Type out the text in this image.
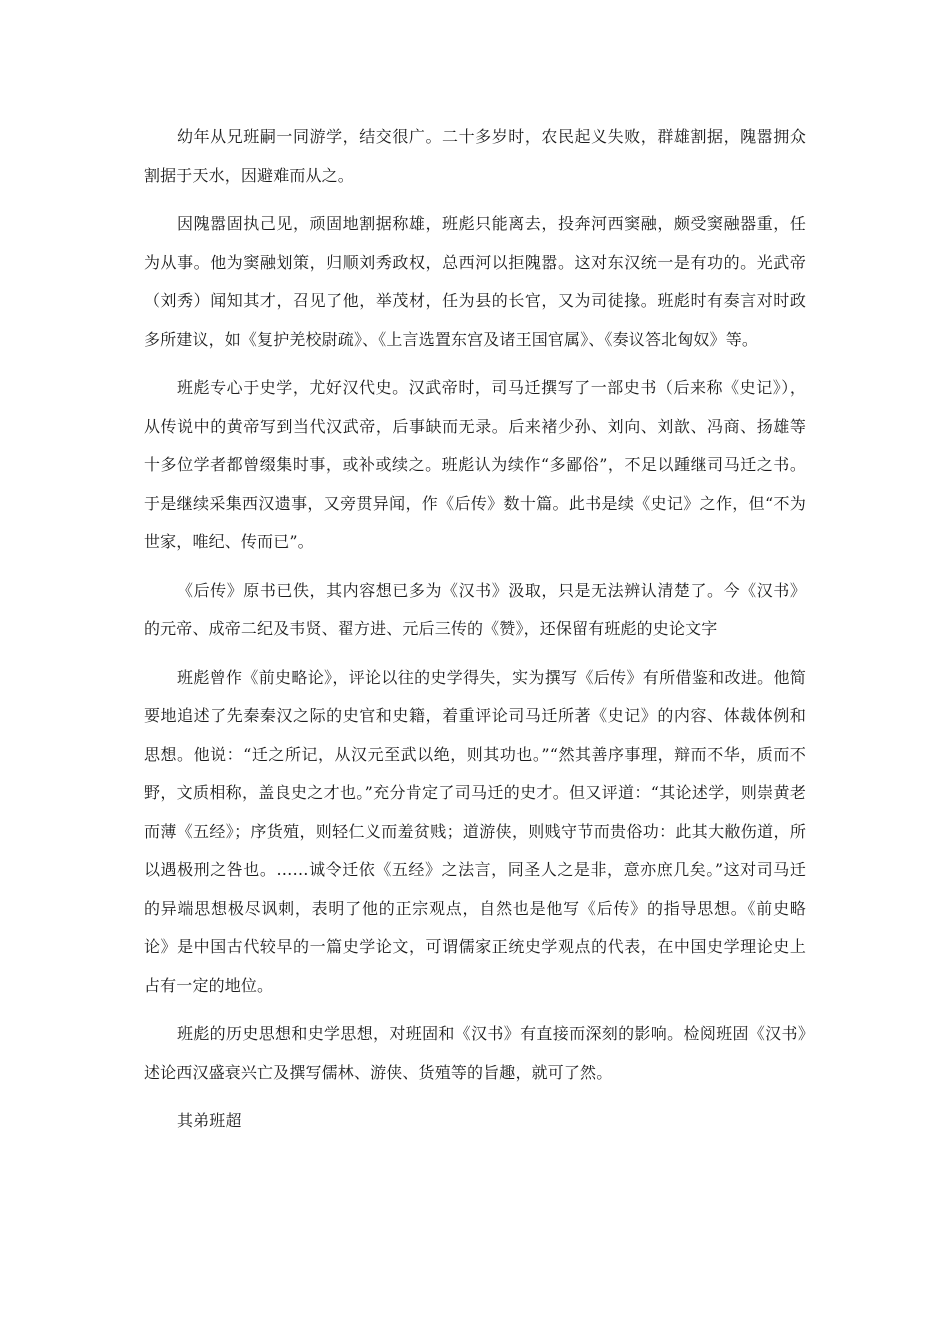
幼年从兄班嗣一同游学，结交很广。二十多岁时，农民起义失败，群雄割据，隗嚣拥众割据于天水，因避难而从之。

因隗嚣固执己见，顽固地割据称雄，班彪只能离去，投奔河西窦融，颇受窦融器重，任为从事。他为窦融划策，归顺刘秀政权，总西河以拒隗嚣。这对东汉统一是有功的。光武帝（刘秀）闻知其才，召见了他，举茂材，任为县的长官，又为司徒掾。班彪时有奏言对时政多所建议，如《复护羌校尉疏》、《上言选置东宫及诸王国官属》、《奏议答北匈奴》等。

班彪专心于史学，尤好汉代史。汉武帝时，司马迁撰写了一部史书（后来称《史记》），从传说中的黄帝写到当代汉武帝，后事缺而无录。后来褚少孙、刘向、刘歆、冯商、扬雄等十多位学者都曾缀集时事，或补或续之。班彪认为续作“多鄙俗”，不足以踵继司马迁之书。于是继续采集西汉遗事，又旁贯异闻，作《后传》数十篇。此书是续《史记》之作，但“不为世家，唯纪、传而已”。

《后传》原书已佚，其内容想已多为《汉书》汲取，只是无法辨认清楚了。今《汉书》的元帝、成帝二纪及韦贤、翟方进、元后三传的《赞》，还保留有班彪的史论文字

班彪曾作《前史略论》，评论以往的史学得失，实为撰写《后传》有所借鉴和改进。他简要地追述了先秦秦汉之际的史官和史籍，着重评论司马迁所著《史记》的内容、体裁体例和思想。他说：“迁之所记，从汉元至武以绝，则其功也。”“然其善序事理，辩而不华，质而不野，文质相称，盖良史之才也。”充分肯定了司马迁的史才。但又评道：“其论述学，则崇黄老而薄《五经》；序货殖，则轻仁义而羞贫贱；道游侠，则贱守节而贵俗功：此其大敝伤道，所以遇极刑之咎也。……诚令迁依《五经》之法言，同圣人之是非，意亦庶几矣。”这对司马迁的异端思想极尽讽刺，表明了他的正宗观点，自然也是他写《后传》的指导思想。《前史略论》是中国古代较早的一篇史学论文，可谓儒家正统史学观点的代表，在中国史学理论史上占有一定的地位。

班彪的历史思想和史学思想，对班固和《汉书》有直接而深刻的影响。检阅班固《汉书》述论西汉盛衰兴亡及撰写儒林、游侠、货殖等的旨趣，就可了然。

其弟班超
